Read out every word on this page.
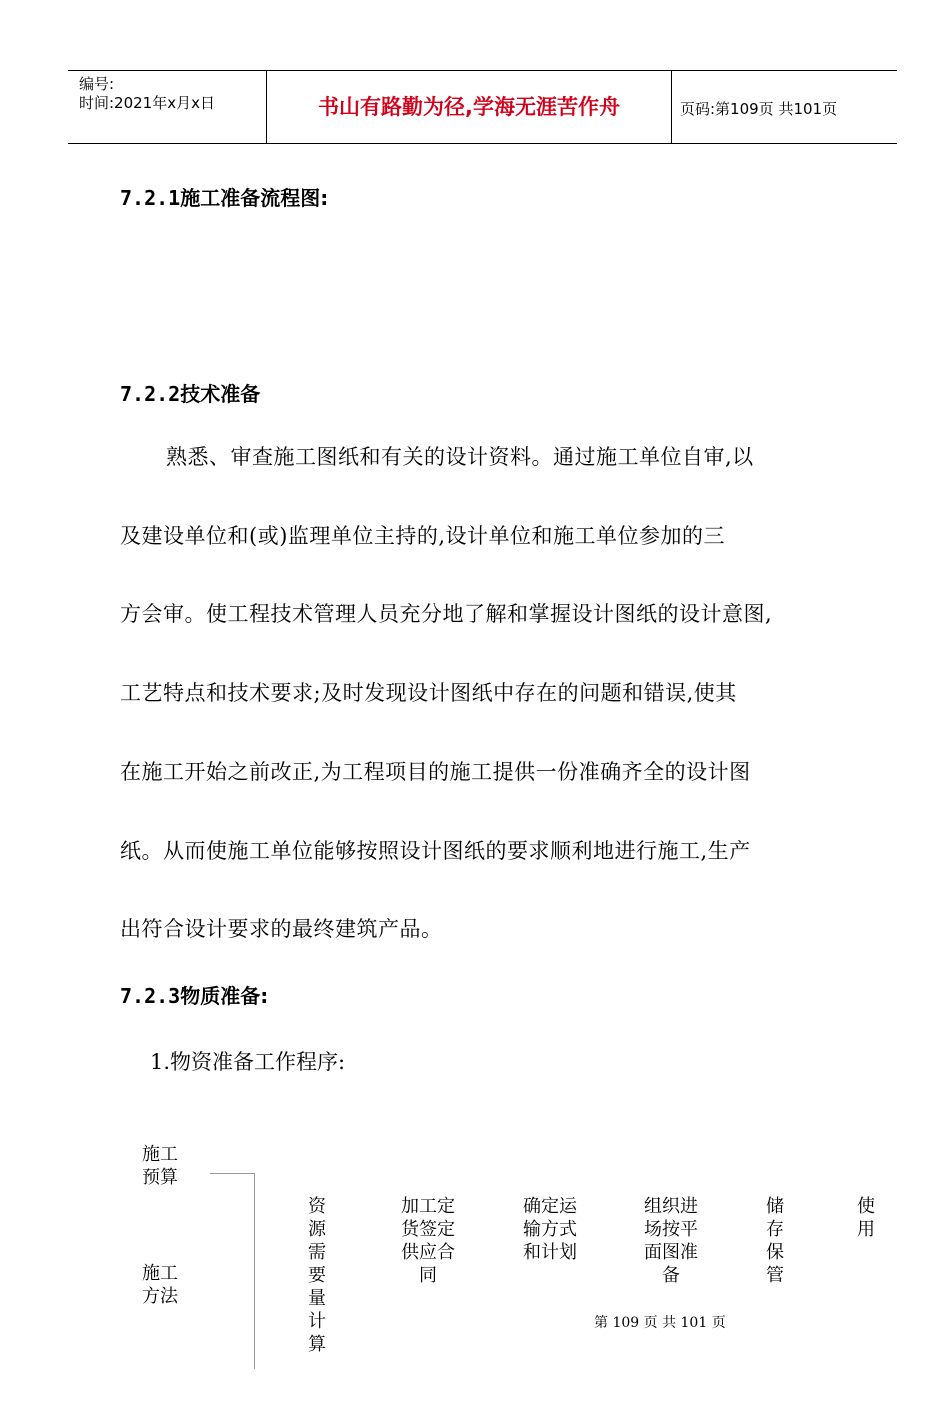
编号:
时间:2021年x月x日	书山有路勤为径,学海无涯苦作舟	页码:第109页 共101页
7.2.1施工准备流程图:
7.2.2技术准备
熟悉、审查施工图纸和有关的设计资料。通过施工单位自审,以
及建设单位和(或)监理单位主持的,设计单位和施工单位参加的三
方会审。使工程技术管理人员充分地了解和掌握设计图纸的设计意图,
工艺特点和技术要求;及时发现设计图纸中存在的问题和错误,使其
在施工开始之前改正,为工程项目的施工提供一份准确齐全的设计图
纸。从而使施工单位能够按照设计图纸的要求顺利地进行施工,生产
出符合设计要求的最终建筑产品。
7.2.3物质准备:
1.物资准备工作程序:
施工
预算
施工
方法
资
源
需
要
量
计
算
加工定
货签定
供应合
同
确定运
输方式
和计划
组织进
场按平
面图准
备
储
存
保
管
使
用
第 109 页 共 101 页
